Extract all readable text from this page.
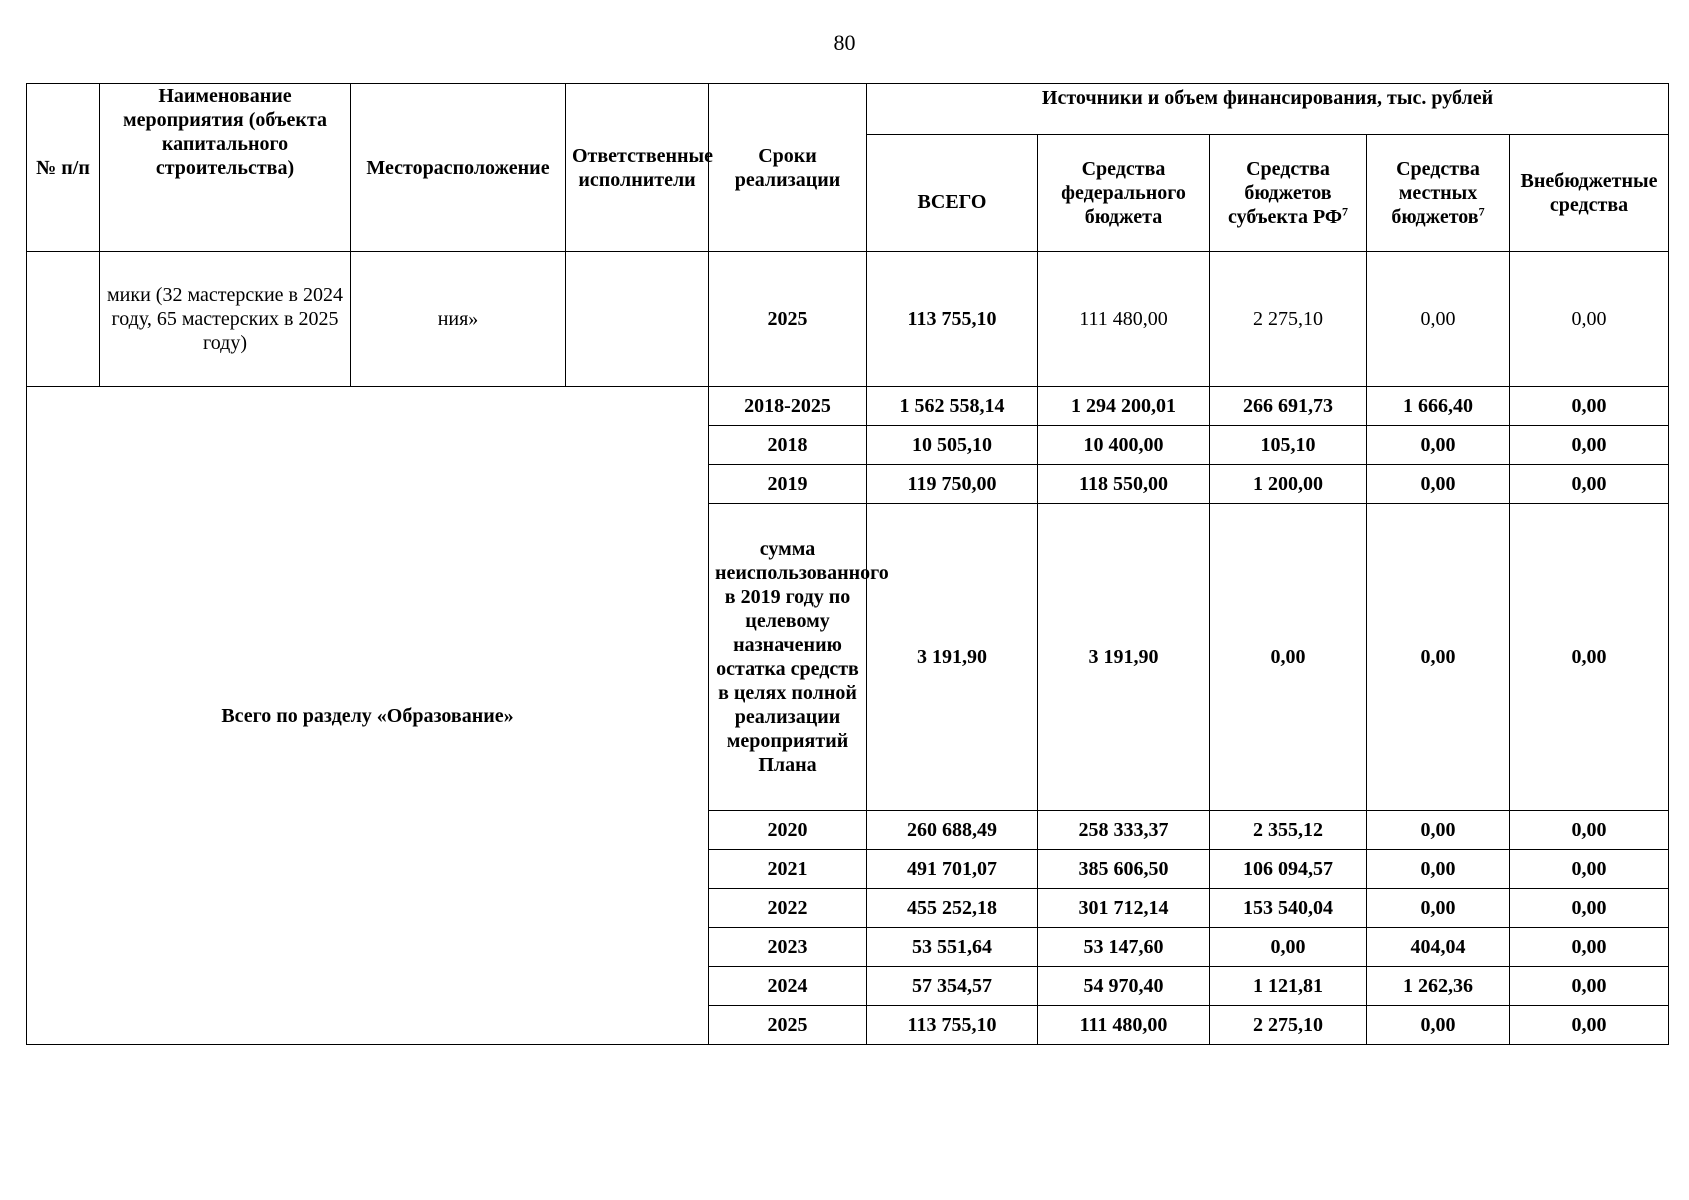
80
№ п/п	Наименование мероприятия (объекта капитального строительства)	Месторасположение	Ответственные исполнители	Сроки реализации	Источники и объем финансирования, тыс. рублей				
					ВСЕГО	Средства федерального бюджета	Средства бюджетов субъекта $РФ^7$	Средства местных бюджетов$^7$	Внебюджетные средства
	мики (32 мастерские в 2024 году, 65 мастерских в 2025 году)	ния»		2025	113 755,10	111 480,00	2 275,10	0,00	0,00
Всего по разделу «Образование»				2018-2025	1 562 558,14	1 294 200,01	266 691,73	1 666,40	0,00
				2018	10 505,10	10 400,00	105,10	0,00	0,00
				2019	119 750,00	118 550,00	1 200,00	0,00	0,00
				сумма неиспользованного в 2019 году по целевому назначению остатка средств в целях полной реализации мероприятий Плана	3 191,90	3 191,90	0,00	0,00	0,00
				2020	260 688,49	258 333,37	2 355,12	0,00	0,00
				2021	491 701,07	385 606,50	106 094,57	0,00	0,00
				2022	455 252,18	301 712,14	153 540,04	0,00	0,00
				2023	53 551,64	53 147,60	0,00	404,04	0,00
				2024	57 354,57	54 970,40	1 121,81	1 262,36	0,00
				2025	113 755,10	111 480,00	2 275,10	0,00	0,00
